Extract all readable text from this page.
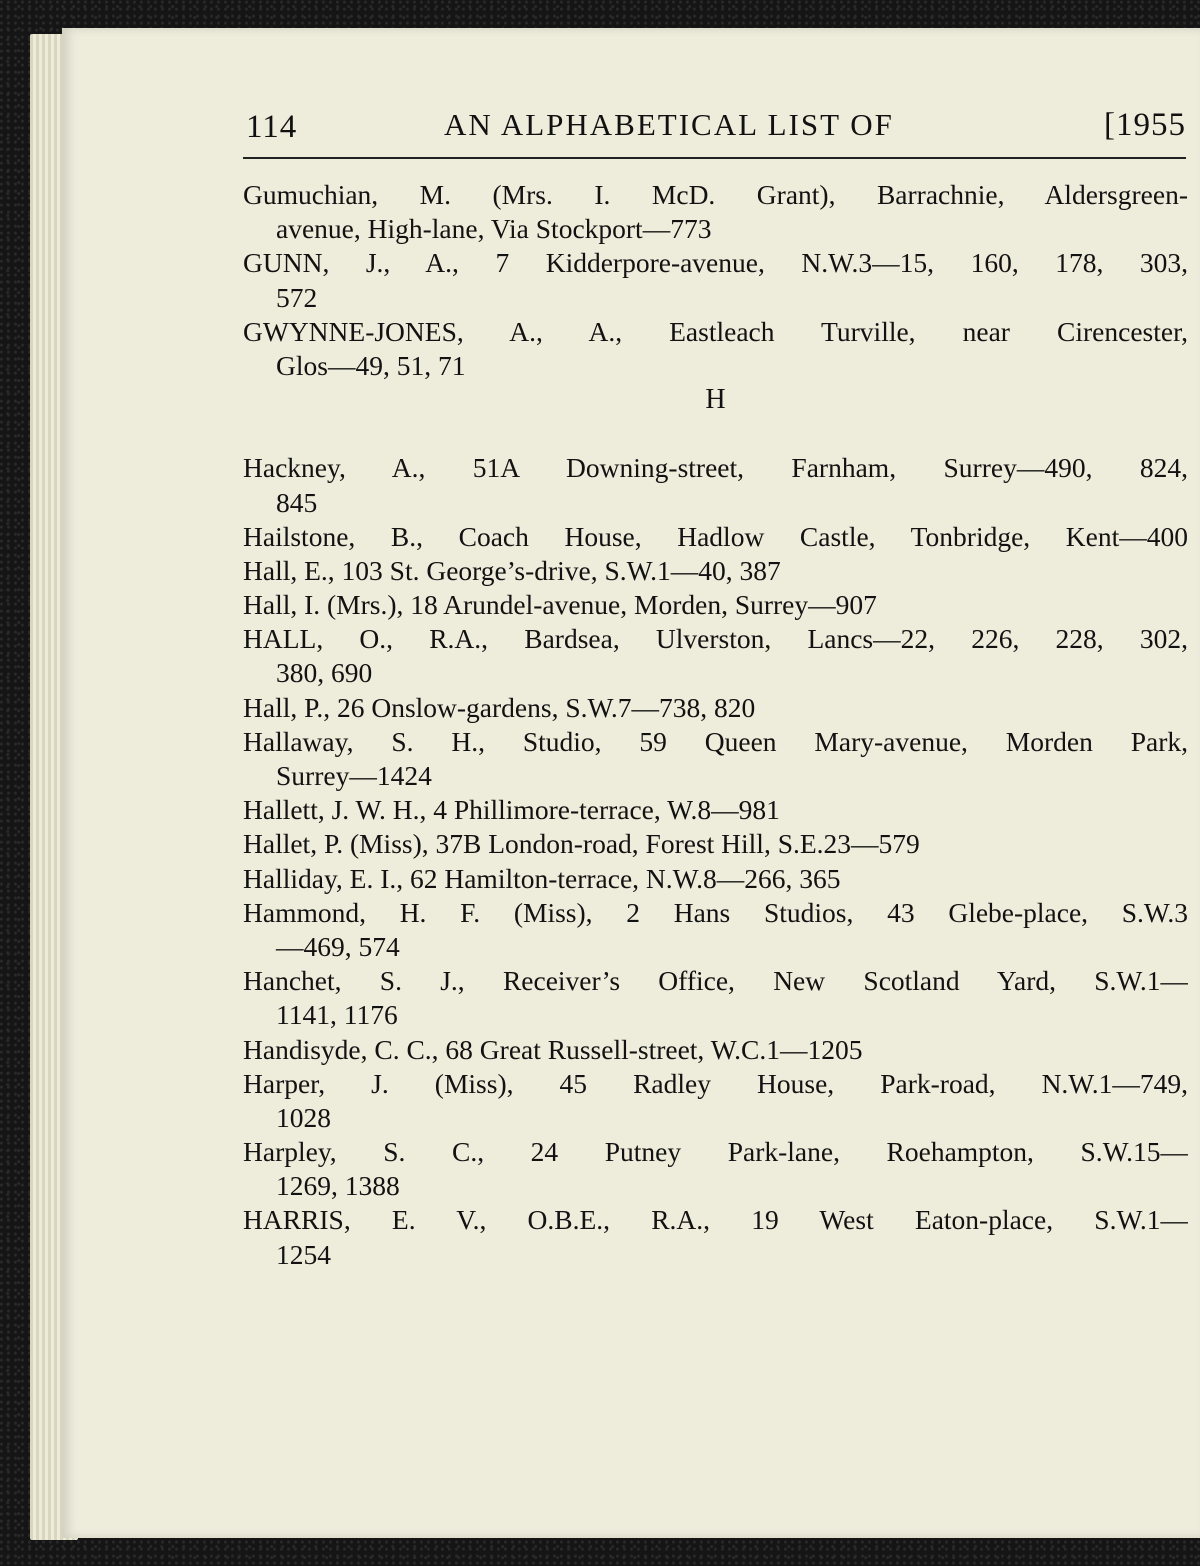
114	AN ALPHABETICAL LIST OF	[1955
Gumuchian, M. (Mrs. I. McD. Grant), Barrachnie, Aldersgreen-
avenue, High-lane, Via Stockport—773
GUNN, J., A., 7 Kidderpore-avenue, N.W.3—15, 160, 178, 303,
572
GWYNNE-JONES, A., A., Eastleach Turville, near Cirencester,
Glos—49, 51, 71
H
Hackney, A., 51A Downing-street, Farnham, Surrey—490, 824,
845
Hailstone, B., Coach House, Hadlow Castle, Tonbridge, Kent—400
Hall, E., 103 St. George’s-drive, S.W.1—40, 387
Hall, I. (Mrs.), 18 Arundel-avenue, Morden, Surrey—907
HALL, O., R.A., Bardsea, Ulverston, Lancs—22, 226, 228, 302,
380, 690
Hall, P., 26 Onslow-gardens, S.W.7—738, 820
Hallaway, S. H., Studio, 59 Queen Mary-avenue, Morden Park,
Surrey—1424
Hallett, J. W. H., 4 Phillimore-terrace, W.8—981
Hallet, P. (Miss), 37B London-road, Forest Hill, S.E.23—579
Halliday, E. I., 62 Hamilton-terrace, N.W.8—266, 365
Hammond, H. F. (Miss), 2 Hans Studios, 43 Glebe-place, S.W.3
—469, 574
Hanchet, S. J., Receiver’s Office, New Scotland Yard, S.W.1—
1141, 1176
Handisyde, C. C., 68 Great Russell-street, W.C.1—1205
Harper, J. (Miss), 45 Radley House, Park-road, N.W.1—749,
1028
Harpley, S. C., 24 Putney Park-lane, Roehampton, S.W.15—
1269, 1388
HARRIS, E. V., O.B.E., R.A., 19 West Eaton-place, S.W.1—
1254
